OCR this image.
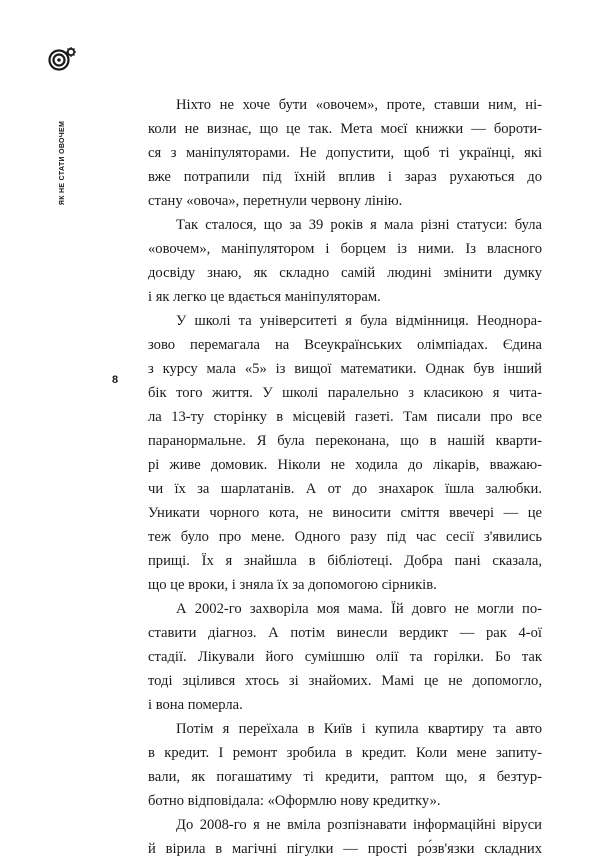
ЯК НЕ СТАТИ ОВОЧЕМ
8
Ніхто не хоче бути «овочем», проте, ставши ним, ні-
коли не визнає, що це так. Мета моєї книжки — бороти-
ся з маніпуляторами. Не допустити, щоб ті українці, які
вже потрапили під їхній вплив і зараз рухаються до
стану «овоча», перетнули червону лінію.
Так сталося, що за 39 років я мала різні статуси: була
«овочем», маніпулятором і борцем із ними. Із власного
досвіду знаю, як складно самій людині змінити думку
і як легко це вдається маніпуляторам.
У школі та університеті я була відмінниця. Неоднора-
зово перемагала на Всеукраїнських олімпіадах. Єдина
з курсу мала «5» із вищої математики. Однак був інший
бік того життя. У школі паралельно з класикою я чита-
ла 13-ту сторінку в місцевій газеті. Там писали про все
паранормальне. Я була переконана, що в нашій кварти-
рі живе домовик. Ніколи не ходила до лікарів, вважаю-
чи їх за шарлатанів. А от до знахарок їшла залюбки.
Уникати чорного кота, не виносити сміття ввечері — це
теж було про мене. Одного разу під час сесії з'явились
прищі. Їх я знайшла в бібліотеці. Добра пані сказала,
що це вроки, і зняла їх за допомогою сірників.
А 2002-го захворіла моя мама. Їй довго не могли по-
ставити діагноз. А потім винесли вердикт — рак 4-ої
стадії. Лікували його сумішшю олії та горілки. Бо так
тоді зцілився хтось зі знайомих. Мамі це не допомогло,
і вона померла.
Потім я переїхала в Київ і купила квартиру та авто
в кредит. І ремонт зробила в кредит. Коли мене запиту-
вали, як погашатиму ті кредити, раптом що, я безтур-
ботно відповідала: «Оформлю нову кредитку».
До 2008-го я не вміла розпізнавати інформаційні віруси
й вірила в магічні пігулки — прості ро́зв'язки складних
